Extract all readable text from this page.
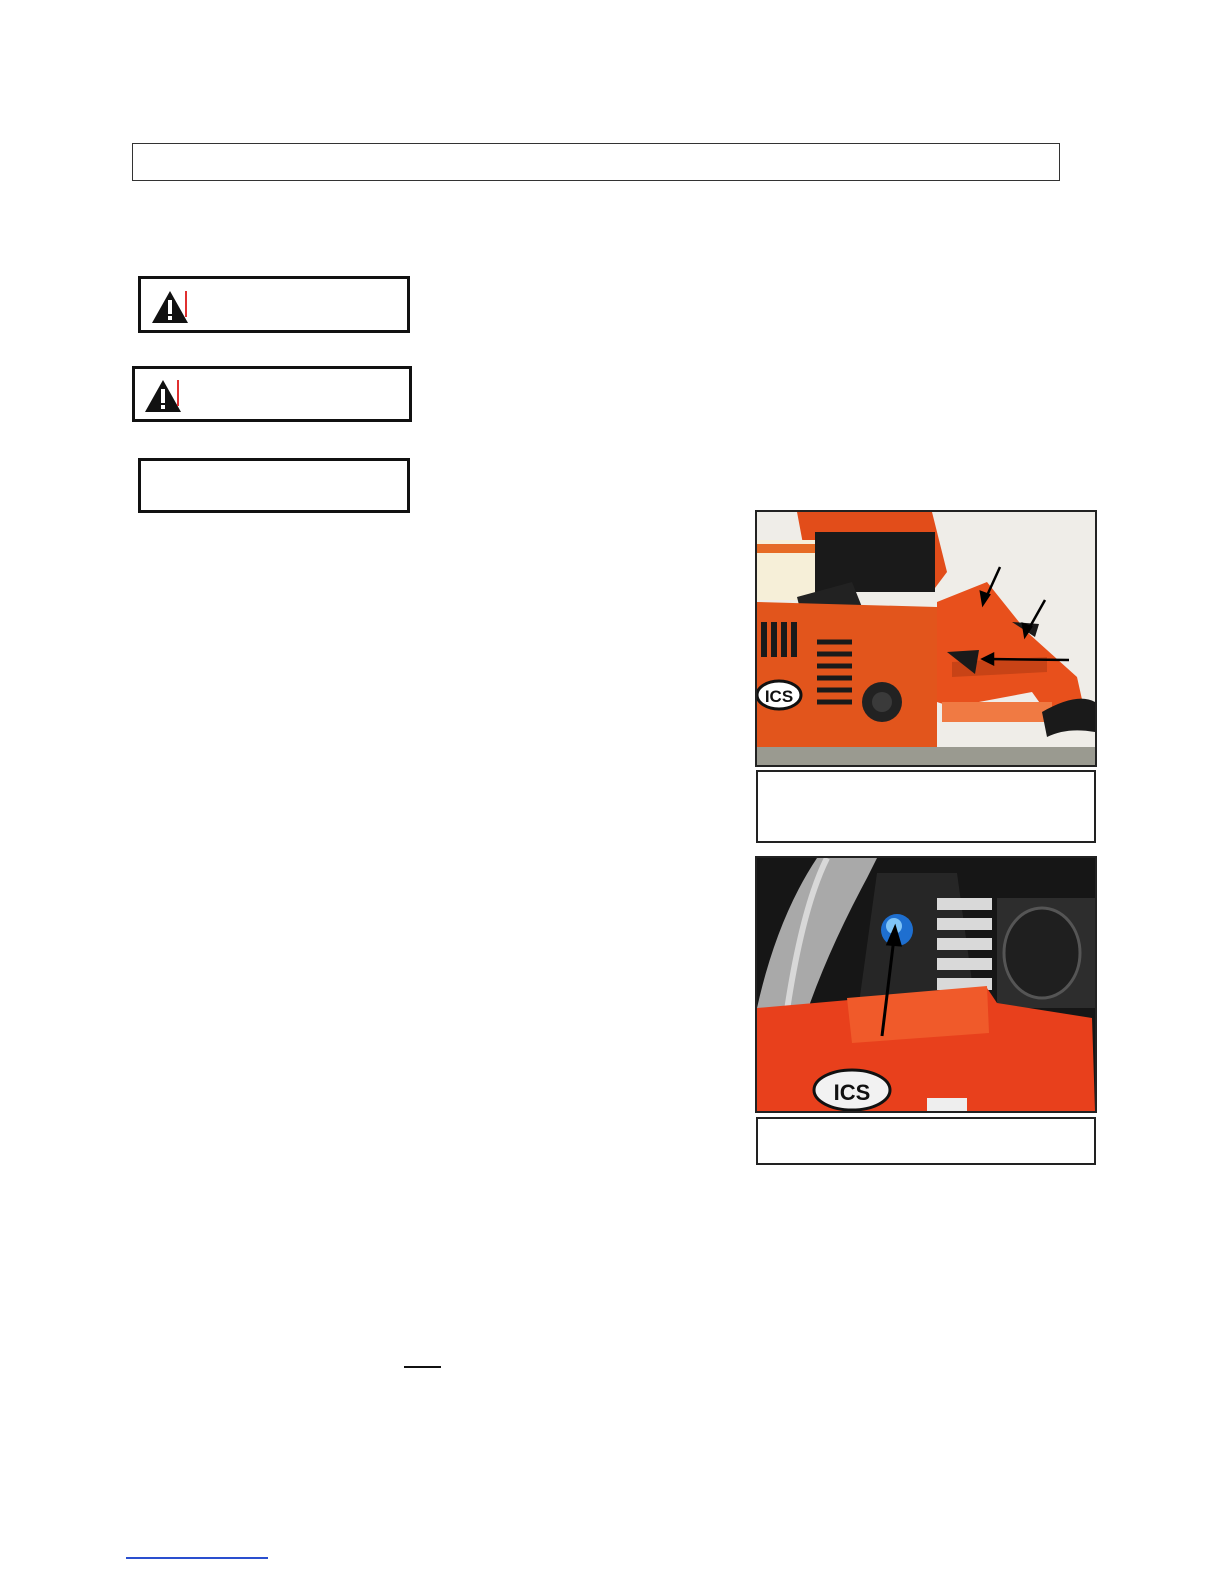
ICS
ICS
